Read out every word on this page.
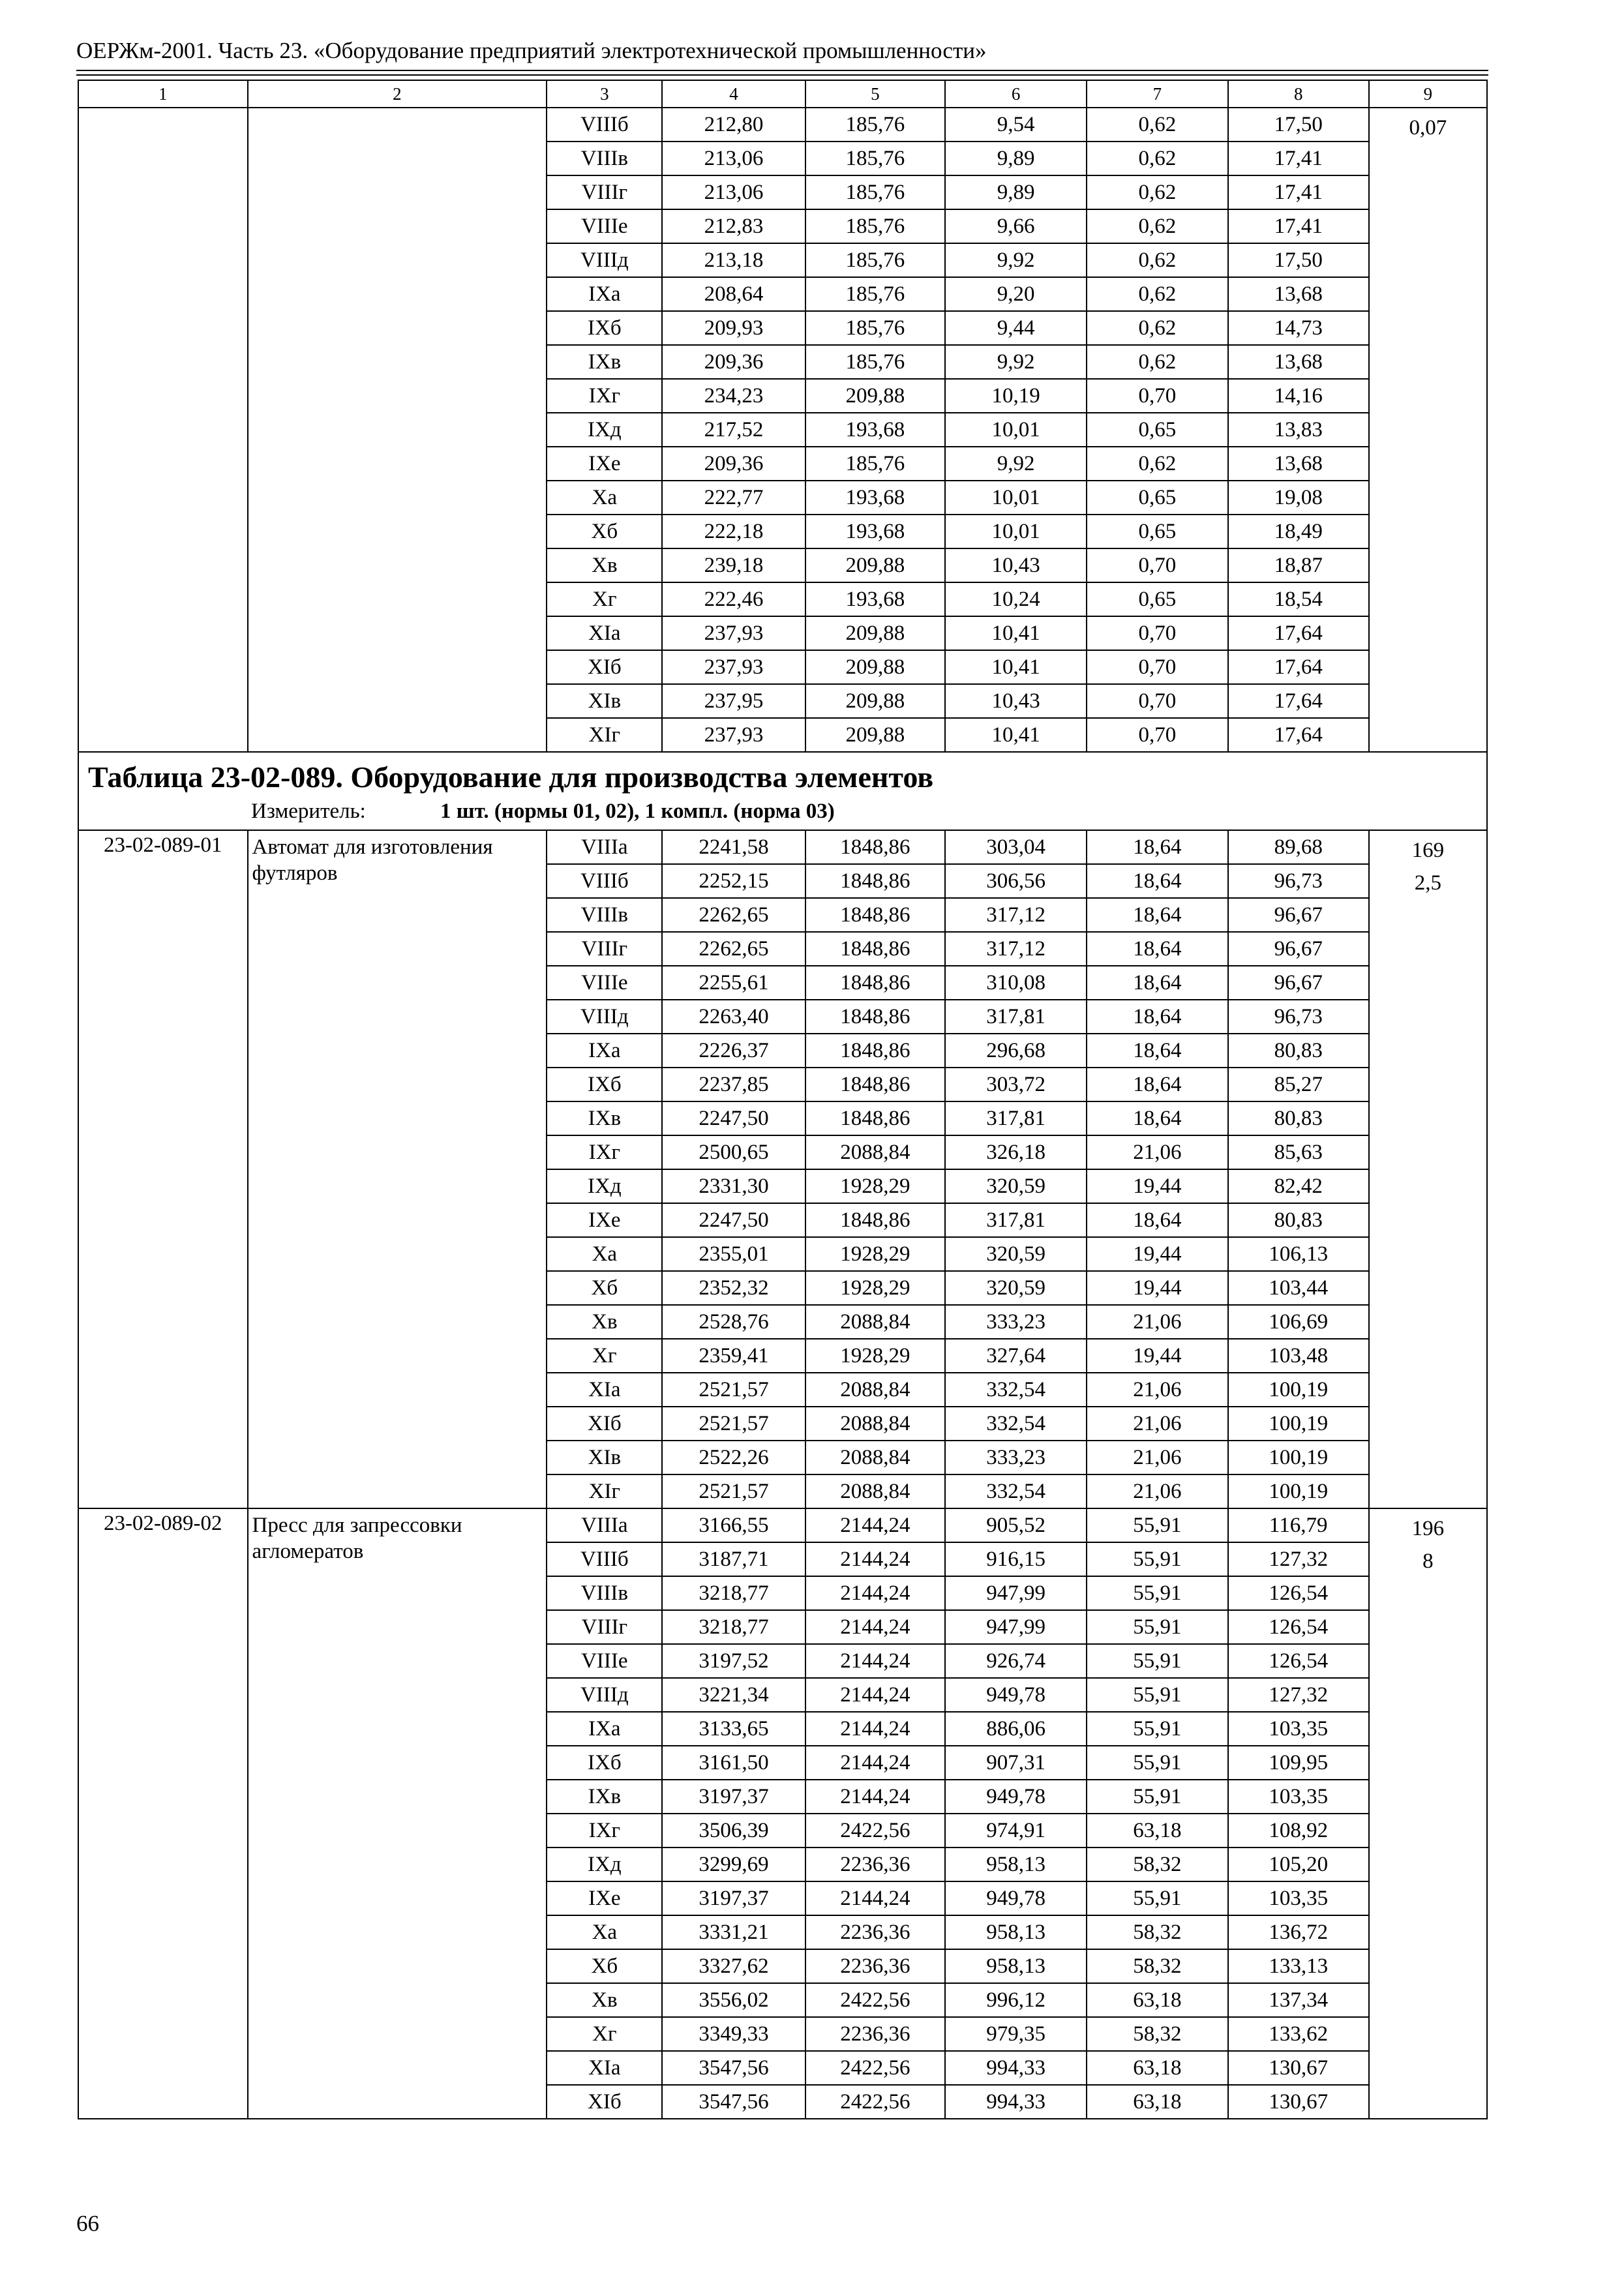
ОЕРЖм-2001. Часть 23. «Оборудование предприятий электротехнической промышленности»
1	2	3	4	5	6	7	8	9
		VIIIб	212,80	185,76	9,54	0,62	17,50	0,07

		VIIIв	213,06	185,76	9,89	0,62	17,41	
		VIIIг	213,06	185,76	9,89	0,62	17,41	
		VIIIе	212,83	185,76	9,66	0,62	17,41	
		VIIIд	213,18	185,76	9,92	0,62	17,50	
		IXа	208,64	185,76	9,20	0,62	13,68	
		IXб	209,93	185,76	9,44	0,62	14,73	
		IXв	209,36	185,76	9,92	0,62	13,68	
		IXг	234,23	209,88	10,19	0,70	14,16	
		IXд	217,52	193,68	10,01	0,65	13,83	
		IXе	209,36	185,76	9,92	0,62	13,68	
		Xа	222,77	193,68	10,01	0,65	19,08	
		Xб	222,18	193,68	10,01	0,65	18,49	
		Xв	239,18	209,88	10,43	0,70	18,87	
		Xг	222,46	193,68	10,24	0,65	18,54	
		XIа	237,93	209,88	10,41	0,70	17,64	
		XIб	237,93	209,88	10,41	0,70	17,64	
		XIв	237,95	209,88	10,43	0,70	17,64	
		XIг	237,93	209,88	10,41	0,70	17,64	

Таблица 23-02-089. Оборудование для производства элементов
Измеритель: 1 шт. (нормы 01, 02), 1 компл. (норма 03)								

23-02-089-01	Автомат для изготовления футляров	VIIIа	2241,58	1848,86	303,04	18,64	89,68	169
2,5

		VIIIб	2252,15	1848,86	306,56	18,64	96,73	
		VIIIв	2262,65	1848,86	317,12	18,64	96,67	
		VIIIг	2262,65	1848,86	317,12	18,64	96,67	
		VIIIе	2255,61	1848,86	310,08	18,64	96,67	
		VIIIд	2263,40	1848,86	317,81	18,64	96,73	
		IXа	2226,37	1848,86	296,68	18,64	80,83	
		IXб	2237,85	1848,86	303,72	18,64	85,27	
		IXв	2247,50	1848,86	317,81	18,64	80,83	
		IXг	2500,65	2088,84	326,18	21,06	85,63	
		IXд	2331,30	1928,29	320,59	19,44	82,42	
		IXе	2247,50	1848,86	317,81	18,64	80,83	
		Xа	2355,01	1928,29	320,59	19,44	106,13	
		Xб	2352,32	1928,29	320,59	19,44	103,44	
		Xв	2528,76	2088,84	333,23	21,06	106,69	
		Xг	2359,41	1928,29	327,64	19,44	103,48	
		XIа	2521,57	2088,84	332,54	21,06	100,19	
		XIб	2521,57	2088,84	332,54	21,06	100,19	
		XIв	2522,26	2088,84	333,23	21,06	100,19	
		XIг	2521,57	2088,84	332,54	21,06	100,19	
23-02-089-02	Пресс для запрессовки агломератов	VIIIа	3166,55	2144,24	905,52	55,91	116,79	196
8

		VIIIб	3187,71	2144,24	916,15	55,91	127,32	
		VIIIв	3218,77	2144,24	947,99	55,91	126,54	
		VIIIг	3218,77	2144,24	947,99	55,91	126,54	
		VIIIе	3197,52	2144,24	926,74	55,91	126,54	
		VIIIд	3221,34	2144,24	949,78	55,91	127,32	
		IXа	3133,65	2144,24	886,06	55,91	103,35	
		IXб	3161,50	2144,24	907,31	55,91	109,95	
		IXв	3197,37	2144,24	949,78	55,91	103,35	
		IXг	3506,39	2422,56	974,91	63,18	108,92	
		IXд	3299,69	2236,36	958,13	58,32	105,20	
		IXе	3197,37	2144,24	949,78	55,91	103,35	
		Xа	3331,21	2236,36	958,13	58,32	136,72	
		Xб	3327,62	2236,36	958,13	58,32	133,13	
		Xв	3556,02	2422,56	996,12	63,18	137,34	
		Xг	3349,33	2236,36	979,35	58,32	133,62	
		XIа	3547,56	2422,56	994,33	63,18	130,67	
		XIб	3547,56	2422,56	994,33	63,18	130,67	
66
